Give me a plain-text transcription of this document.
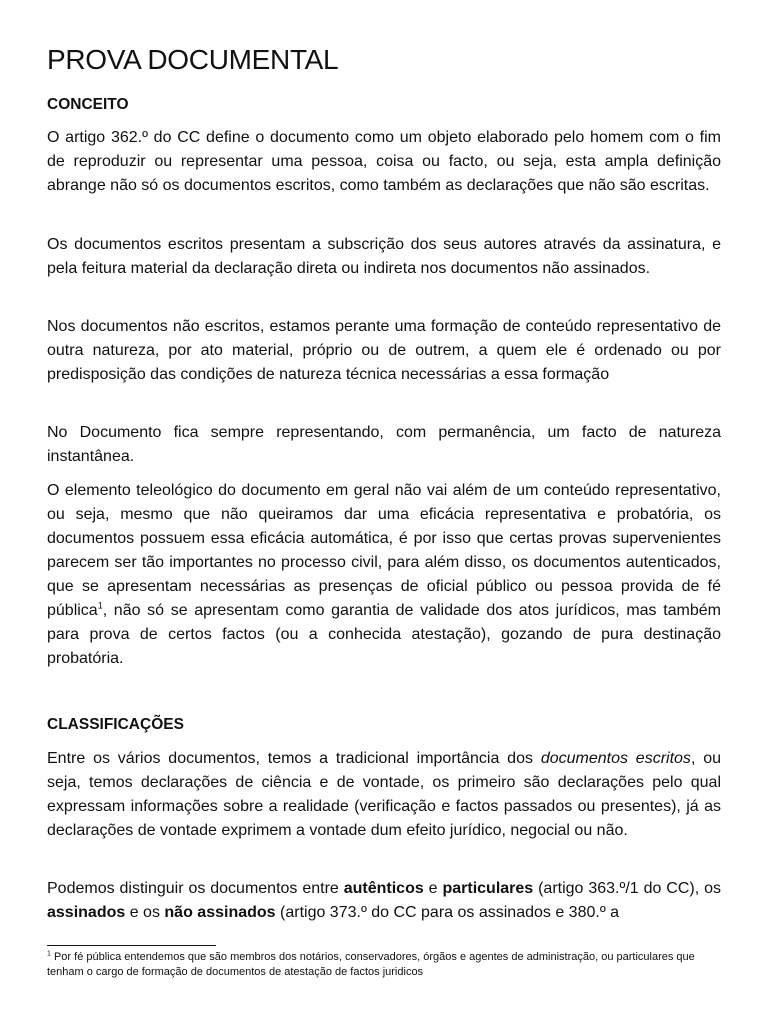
PROVA DOCUMENTAL
CONCEITO

O artigo 362.º do CC define o documento como um objeto elaborado pelo homem com o fim de reproduzir ou representar uma pessoa, coisa ou facto, ou seja, esta ampla definição abrange não só os documentos escritos, como também as declarações que não são escritas.

Os documentos escritos presentam a subscrição dos seus autores através da assinatura, e pela feitura material da declaração direta ou indireta nos documentos não assinados.

Nos documentos não escritos, estamos perante uma formação de conteúdo representativo de outra natureza, por ato material, próprio ou de outrem, a quem ele é ordenado ou por predisposição das condições de natureza técnica necessárias a essa formação

No Documento fica sempre representando, com permanência, um facto de natureza instantânea.

O elemento teleológico do documento em geral não vai além de um conteúdo representativo, ou seja, mesmo que não queiramos dar uma eficácia representativa e probatória, os documentos possuem essa eficácia automática, é por isso que certas provas supervenientes parecem ser tão importantes no processo civil, para além disso, os documentos autenticados, que se apresentam necessárias as presenças de oficial público ou pessoa provida de fé pública$^1$, não só se apresentam como garantia de validade dos atos jurídicos, mas também para prova de certos factos (ou a conhecida atestação), gozando de pura destinação probatória.

CLASSIFICAÇÕES

Entre os vários documentos, temos a tradicional importância dos documentos escritos, ou seja, temos declarações de ciência e de vontade, os primeiro são declarações pelo qual expressam informações sobre a realidade (verificação e factos passados ou presentes), já as declarações de vontade exprimem a vontade dum efeito jurídico, negocial ou não.

Podemos distinguir os documentos entre autênticos e particulares (artigo 363.º/1 do CC), os assinados e os não assinados (artigo 373.º do CC para os assinados e 380.º a

$^1$ Por fé pública entendemos que são membros dos notários, conservadores, órgãos e agentes de administração, ou particulares que tenham o cargo de formação de documentos de atestação de factos juridicos
